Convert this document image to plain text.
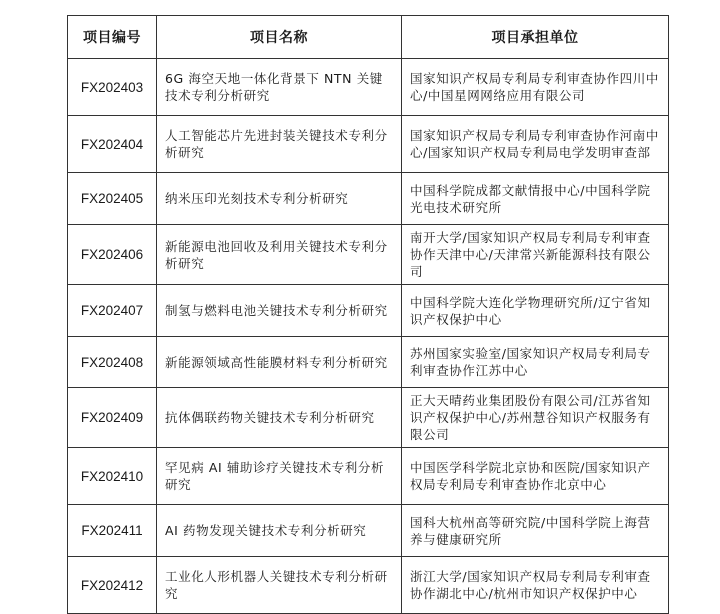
项目编号	项目名称	项目承担单位
FX202403	6G 海空天地一体化背景下 NTN 关键技术专利分析研究	国家知识产权局专利局专利审查协作四川中心/中国星网网络应用有限公司
FX202404	人工智能芯片先进封装关键技术专利分析研究	国家知识产权局专利局专利审查协作河南中心/国家知识产权局专利局电学发明审查部
FX202405	纳米压印光刻技术专利分析研究	中国科学院成都文献情报中心/中国科学院光电技术研究所
FX202406	新能源电池回收及利用关键技术专利分析研究	南开大学/国家知识产权局专利局专利审查协作天津中心/天津常兴新能源科技有限公司
FX202407	制氢与燃料电池关键技术专利分析研究	中国科学院大连化学物理研究所/辽宁省知识产权保护中心
FX202408	新能源领域高性能膜材料专利分析研究	苏州国家实验室/国家知识产权局专利局专利审查协作江苏中心
FX202409	抗体偶联药物关键技术专利分析研究	正大天晴药业集团股份有限公司/江苏省知识产权保护中心/苏州慧谷知识产权服务有限公司
FX202410	罕见病 AI 辅助诊疗关键技术专利分析研究	中国医学科学院北京协和医院/国家知识产权局专利局专利审查协作北京中心
FX202411	AI 药物发现关键技术专利分析研究	国科大杭州高等研究院/中国科学院上海营养与健康研究所
FX202412	工业化人形机器人关键技术专利分析研究	浙江大学/国家知识产权局专利局专利审查协作湖北中心/杭州市知识产权保护中心
